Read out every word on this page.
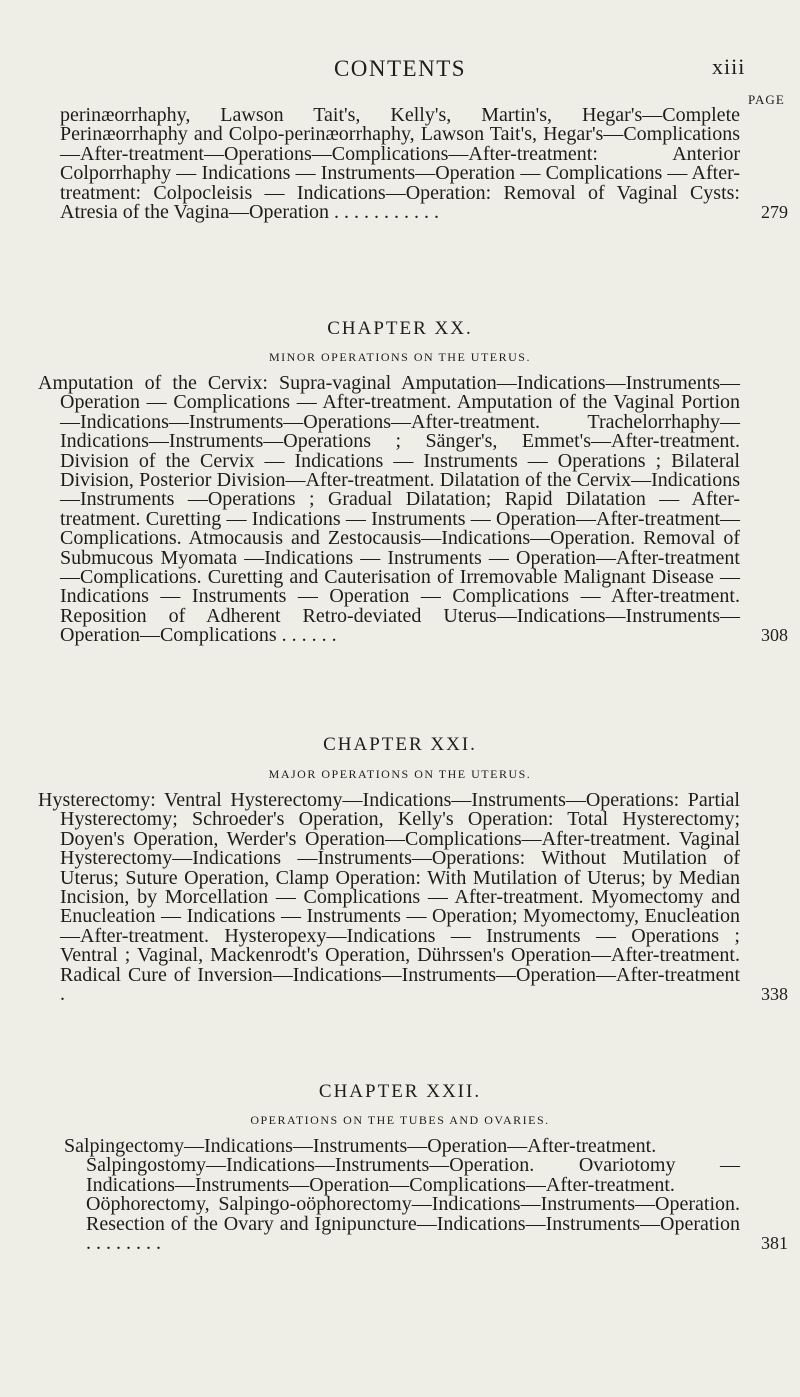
CONTENTS	xiii
PAGE
perinæorrhaphy, Lawson Tait's, Kelly's, Martin's, Hegar's—Complete Perinæorrhaphy and Colpo-perinæorrhaphy, Lawson Tait's, Hegar's—Complications—After-treatment—Operations—Complications—After-treatment: Anterior Colporrhaphy — Indications — Instruments—Operation — Complications — After-treatment: Colpocleisis — Indications—Operation: Removal of Vaginal Cysts: Atresia of the Vagina—Operation . . . . . . . . . . .	279
CHAPTER XX.
MINOR OPERATIONS ON THE UTERUS.
Amputation of the Cervix: Supra-vaginal Amputation—Indications—Instruments—Operation — Complications — After-treatment. Amputation of the Vaginal Portion—Indications—Instruments—Operations—After-treatment. Trachelorrhaphy—Indications—Instruments—Operations ; Sänger's, Emmet's—After-treatment. Division of the Cervix — Indications — Instruments — Operations ; Bilateral Division, Posterior Division—After-treatment. Dilatation of the Cervix—Indications—Instruments —Operations ; Gradual Dilatation; Rapid Dilatation — After-treatment. Curetting — Indications — Instruments — Operation—After-treatment—Complications. Atmocausis and Zestocausis—Indications—Operation. Removal of Submucous Myomata —Indications — Instruments — Operation—After-treatment—Complications. Curetting and Cauterisation of Irremovable Malignant Disease — Indications — Instruments — Operation — Complications — After-treatment. Reposition of Adherent Retro-deviated Uterus—Indications—Instruments—Operation—Complications . . . . . .	308
CHAPTER XXI.
MAJOR OPERATIONS ON THE UTERUS.
Hysterectomy: Ventral Hysterectomy—Indications—Instruments—Operations: Partial Hysterectomy; Schroeder's Operation, Kelly's Operation: Total Hysterectomy; Doyen's Operation, Werder's Operation—Complications—After-treatment. Vaginal Hysterectomy—Indications —Instruments—Operations: Without Mutilation of Uterus; Suture Operation, Clamp Operation: With Mutilation of Uterus; by Median Incision, by Morcellation — Complications — After-treatment. Myomectomy and Enucleation — Indications — Instruments — Operation; Myomectomy, Enucleation—After-treatment. Hysteropexy—Indications — Instruments — Operations ; Ventral ; Vaginal, Mackenrodt's Operation, Dührssen's Operation—After-treatment. Radical Cure of Inversion—Indications—Instruments—Operation—After-treatment .	338
CHAPTER XXII.
OPERATIONS ON THE TUBES AND OVARIES.
Salpingectomy—Indications—Instruments—Operation—After-treatment. Salpingostomy—Indications—Instruments—Operation. Ovariotomy —Indications—Instruments—Operation—Complications—After-treatment. Oöphorectomy, Salpingo-oöphorectomy—Indications—Instruments—Operation. Resection of the Ovary and Ignipuncture—Indications—Instruments—Operation . . . . . . . .	381
